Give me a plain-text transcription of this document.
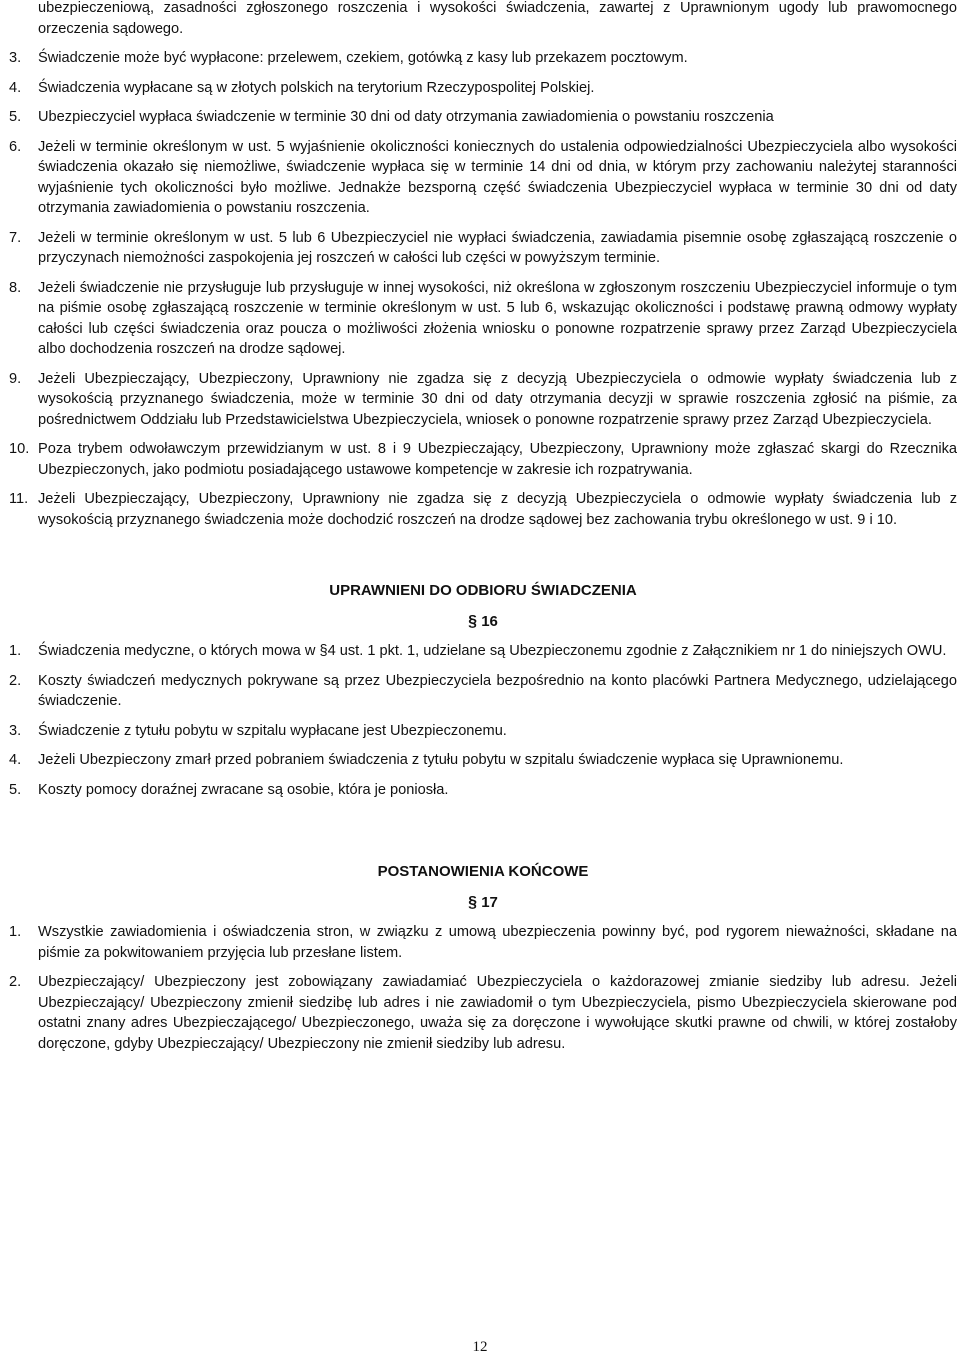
ubezpieczeniową, zasadności zgłoszonego roszczenia i wysokości świadczenia, zawartej z Uprawnionym ugody lub prawomocnego orzeczenia sądowego.
3. Świadczenie może być wypłacone: przelewem, czekiem, gotówką z kasy lub przekazem pocztowym.
4. Świadczenia wypłacane są w złotych polskich na terytorium Rzeczypospolitej Polskiej.
5. Ubezpieczyciel wypłaca świadczenie w terminie 30 dni od daty otrzymania zawiadomienia o powstaniu roszczenia
6. Jeżeli w terminie określonym w ust. 5 wyjaśnienie okoliczności koniecznych do ustalenia odpowiedzialności Ubezpieczyciela albo wysokości świadczenia okazało się niemożliwe, świadczenie wypłaca się w terminie 14 dni od dnia, w którym przy zachowaniu należytej staranności wyjaśnienie tych okoliczności było możliwe. Jednakże bezsporną część świadczenia Ubezpieczyciel wypłaca w terminie 30 dni od daty otrzymania zawiadomienia o powstaniu roszczenia.
7. Jeżeli w terminie określonym w ust. 5 lub 6 Ubezpieczyciel nie wypłaci świadczenia, zawiadamia pisemnie osobę zgłaszającą roszczenie o przyczynach niemożności zaspokojenia jej roszczeń w całości lub części w powyższym terminie.
8. Jeżeli świadczenie nie przysługuje lub przysługuje w innej wysokości, niż określona w zgłoszonym roszczeniu Ubezpieczyciel informuje o tym na piśmie osobę zgłaszającą roszczenie w terminie określonym w ust. 5 lub 6, wskazując okoliczności i podstawę prawną odmowy wypłaty całości lub części świadczenia oraz poucza o możliwości złożenia wniosku o ponowne rozpatrzenie sprawy przez Zarząd Ubezpieczyciela albo dochodzenia roszczeń na drodze sądowej.
9. Jeżeli Ubezpieczający, Ubezpieczony, Uprawniony nie zgadza się z decyzją Ubezpieczyciela o odmowie wypłaty świadczenia lub z wysokością przyznanego świadczenia, może w terminie 30 dni od daty otrzymania decyzji w sprawie roszczenia zgłosić na piśmie, za pośrednictwem Oddziału lub Przedstawicielstwa Ubezpieczyciela, wniosek o ponowne rozpatrzenie sprawy przez Zarząd Ubezpieczyciela.
10. Poza trybem odwoławczym przewidzianym w ust. 8 i 9 Ubezpieczający, Ubezpieczony, Uprawniony może zgłaszać skargi do Rzecznika Ubezpieczonych, jako podmiotu posiadającego ustawowe kompetencje w zakresie ich rozpatrywania.
11. Jeżeli Ubezpieczający, Ubezpieczony, Uprawniony nie zgadza się z decyzją Ubezpieczyciela o odmowie wypłaty świadczenia lub z wysokością przyznanego świadczenia może dochodzić roszczeń na drodze sądowej bez zachowania trybu określonego w ust. 9 i 10.
UPRAWNIENI DO ODBIORU ŚWIADCZENIA
§ 16
1. Świadczenia medyczne, o których mowa w §4 ust. 1 pkt. 1, udzielane są Ubezpieczonemu zgodnie z Załącznikiem nr 1 do niniejszych OWU.
2. Koszty świadczeń medycznych pokrywane są przez Ubezpieczyciela bezpośrednio na konto placówki Partnera Medycznego, udzielającego świadczenie.
3. Świadczenie z tytułu pobytu w szpitalu wypłacane jest Ubezpieczonemu.
4. Jeżeli Ubezpieczony zmarł przed pobraniem świadczenia z tytułu pobytu w szpitalu świadczenie wypłaca się Uprawnionemu.
5. Koszty pomocy doraźnej zwracane są osobie, która je poniosła.
POSTANOWIENIA KOŃCOWE
§ 17
1. Wszystkie zawiadomienia i oświadczenia stron, w związku z umową ubezpieczenia powinny być, pod rygorem nieważności, składane na piśmie za pokwitowaniem przyjęcia lub przesłane listem.
2. Ubezpieczający/ Ubezpieczony jest zobowiązany zawiadamiać Ubezpieczyciela o każdorazowej zmianie siedziby lub adresu. Jeżeli Ubezpieczający/ Ubezpieczony zmienił siedzibę lub adres i nie zawiadomił o tym Ubezpieczyciela, pismo Ubezpieczyciela skierowane pod ostatni znany adres Ubezpieczającego/ Ubezpieczonego, uważa się za doręczone i wywołujące skutki prawne od chwili, w której zostałoby doręczone, gdyby Ubezpieczający/ Ubezpieczony nie zmienił siedziby lub adresu.
12
